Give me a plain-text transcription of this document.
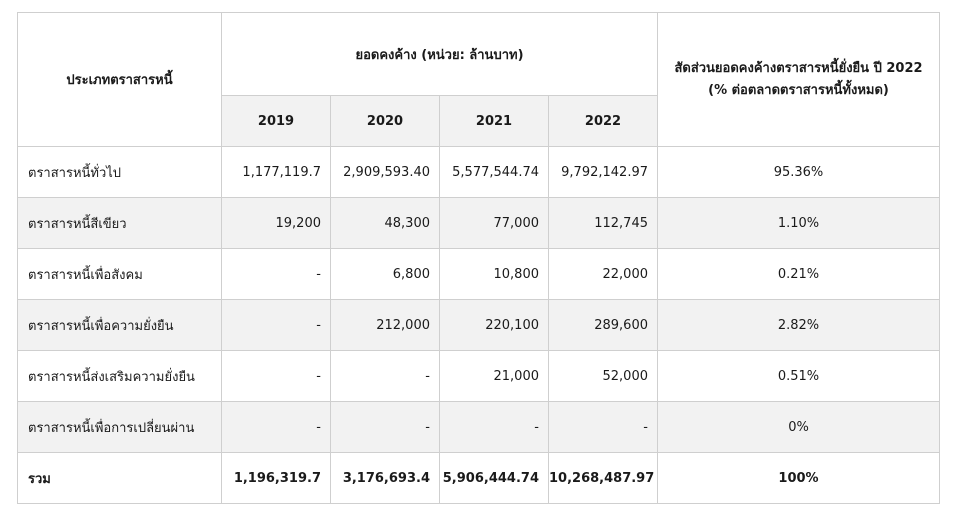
ประเภทตราสารหนี้	ยอดคงค้าง (หน่วย: ล้านบาท)				สัดส่วนยอดคงค้างตราสารหนี้ยั่งยืน ปี 2022
(% ต่อตลาดตราสารหนี้ทั้งหมด)

	2019	2020	2021	2022	
ตราสารหนี้ทั่วไป	1,177,119.7	2,909,593.40	5,577,544.74	9,792,142.97	95.36%
ตราสารหนี้สีเขียว	19,200	48,300	77,000	112,745	1.10%
ตราสารหนี้เพื่อสังคม	-	6,800	10,800	22,000	0.21%
ตราสารหนี้เพื่อความยั่งยืน	-	212,000	220,100	289,600	2.82%
ตราสารหนี้ส่งเสริมความยั่งยืน	-	-	21,000	52,000	0.51%
ตราสารหนี้เพื่อการเปลี่ยนผ่าน	-	-	-	-	0%
รวม	1,196,319.7	3,176,693.4	5,906,444.74	10,268,487.97	100%
